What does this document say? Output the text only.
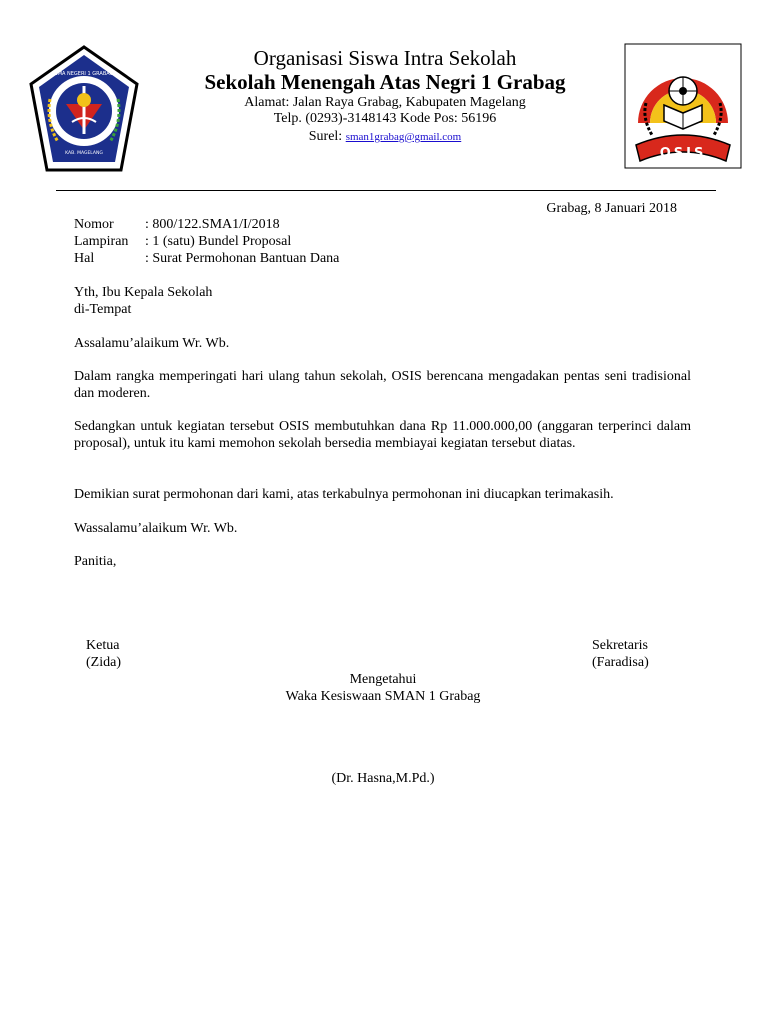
SMA NEGERI 1 GRABAG
KAB. MAGELANG	OSIS
Organisasi Siswa Intra Sekolah
Sekolah Menengah Atas Negri 1 Grabag
Alamat: Jalan Raya Grabag, Kabupaten Magelang
Telp. (0293)-3148143 Kode Pos: 56196
Surel: sman1grabag@gmail.com
Grabag, 8 Januari 2018
Nomor : 800/122.SMA1/I/2018
Lampiran : 1 (satu) Bundel Proposal
Hal	: Surat Permohonan Bantuan Dana
Yth, Ibu Kepala Sekolah
di-Tempat
Assalamu’alaikum Wr. Wb.

Dalam rangka memperingati hari ulang tahun sekolah, OSIS berencana mengadakan pentas seni tradisional dan moderen.

Sedangkan untuk kegiatan tersebut OSIS membutuhkan dana Rp 11.000.000,00 (anggaran terperinci dalam proposal), untuk itu kami memohon sekolah bersedia membiayai kegiatan tersebut diatas.

Demikian surat permohonan dari kami, atas terkabulnya permohonan ini diucapkan terimakasih.

Wassalamu’alaikum Wr. Wb.
Panitia,
Ketua
(Zida)
Sekretaris
(Faradisa)
Mengetahui
Waka Kesiswaan SMAN 1 Grabag
(Dr. Hasna,M.Pd.)
